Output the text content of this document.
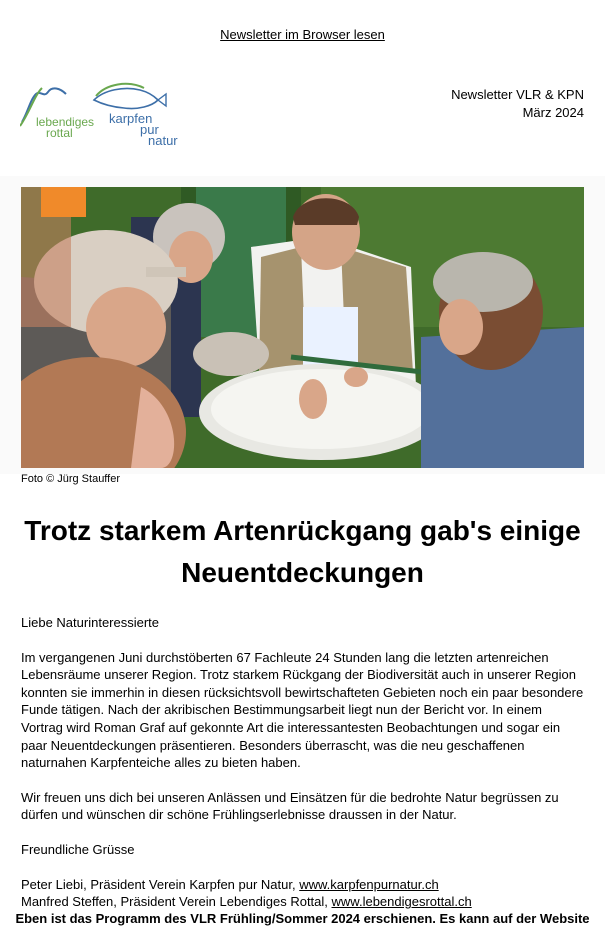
Newsletter im Browser lesen
lebendiges
rottal
karpfen
pur
natur
Newsletter VLR & KPN
März 2024
Foto © Jürg Stauffer
Trotz starkem Artenrückgang gab's einige Neuentdeckungen

Liebe Naturinteressierte

Im vergangenen Juni durchstöberten 67 Fachleute 24 Stunden lang die letzten artenreichen Lebensräume unserer Region. Trotz starkem Rückgang der Biodiversität auch in unserer Region konnten sie immerhin in diesen rücksichtsvoll bewirtschafteten Gebieten noch ein paar besondere Funde tätigen. Nach der akribischen Bestimmungsarbeit liegt nun der Bericht vor. In einem Vortrag wird Roman Graf auf gekonnte Art die interessantesten Beobachtungen und sogar ein paar Neuentdeckungen präsentieren. Besonders überrascht, was die neu geschaffenen naturnahen Karpfenteiche alles zu bieten haben.

Wir freuen uns dich bei unseren Anlässen und Einsätzen für die bedrohte Natur begrüssen zu dürfen und wünschen dir schöne Frühlingserlebnisse draussen in der Natur.

Freundliche Grüsse

Peter Liebi, Präsident Verein Karpfen pur Natur, www.karpfenpurnatur.ch
Manfred Steffen, Präsident Verein Lebendiges Rottal, www.lebendigesrottal.ch

Eben ist das Programm des VLR Frühling/Sommer 2024 erschienen. Es kann auf der Website
